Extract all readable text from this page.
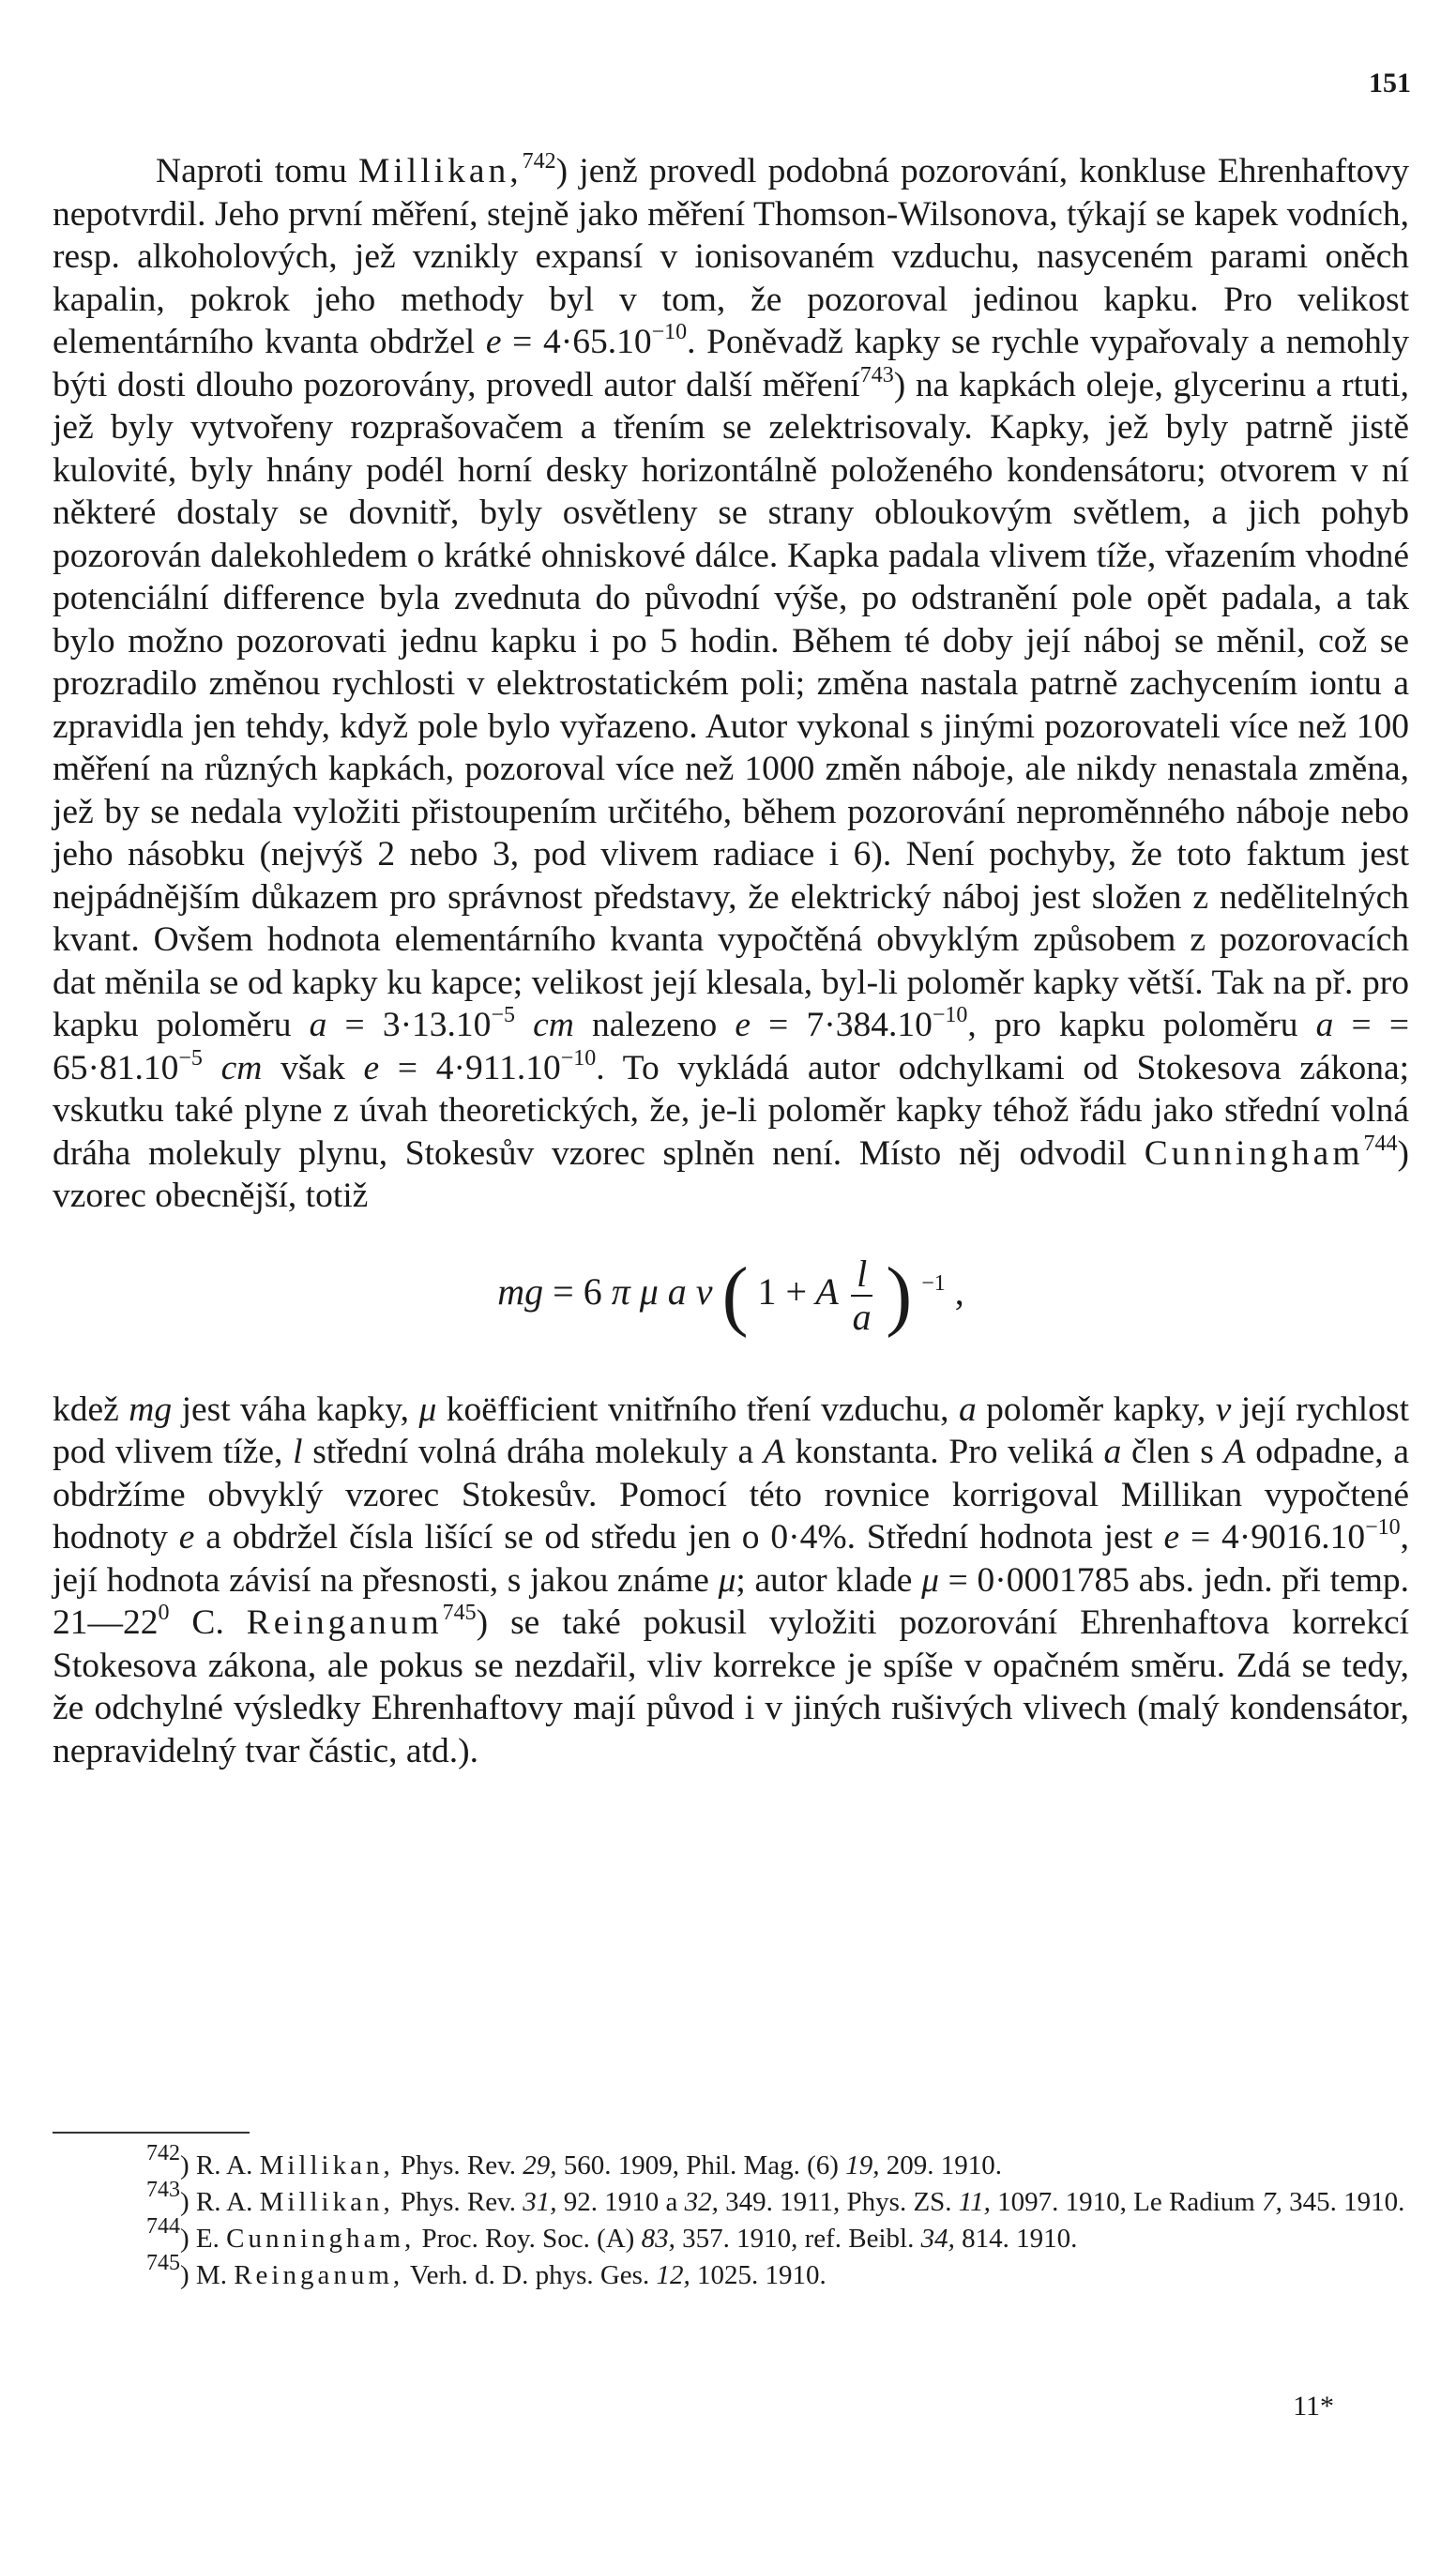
151

Naproti tomu Millikan,$^{742}$) jenž provedl podobná pozorování, konkluse Ehrenhaftovy nepotvrdil. Jeho první měření, stejně jako měření Thomson-Wilsonova, týkají se kapek vodních, resp. alkoholových, jež vznikly expansí v ionisovaném vzduchu, nasyceném parami oněch kapalin, pokrok jeho methody byl v tom, že pozoroval jedinou kapku. Pro velikost elementárního kvanta obdržel $e = 4\cdot 65.10^{-10}$. Poněvadž kapky se rychle vypařovaly a nemohly býti dosti dlouho pozorovány, provedl autor další měření$^{743}$) na kapkách oleje, glycerinu a rtuti, jež byly vytvořeny rozprašovačem a třením se zelektrisovaly. Kapky, jež byly patrně jistě kulovité, byly hnány podél horní desky horizontálně položeného kondensátoru; otvorem v ní některé dostaly se dovnitř, byly osvětleny se strany obloukovým světlem, a jich pohyb pozorován dalekohledem o krátké ohniskové dálce. Kapka padala vlivem tíže, vřazením vhodné potenciální difference byla zvednuta do původní výše, po odstranění pole opět padala, a tak bylo možno pozorovati jednu kapku i po 5 hodin. Během té doby její náboj se měnil, což se prozradilo změnou rychlosti v elektrostatickém poli; změna nastala patrně zachycením iontu a zpravidla jen tehdy, když pole bylo vyřazeno. Autor vykonal s jinými pozorovateli více než 100 měření na různých kapkách, pozoroval více než 1000 změn náboje, ale nikdy nenastala změna, jež by se nedala vyložiti přistoupením určitého, během pozorování neproměnného náboje nebo jeho násobku (nejvýš 2 nebo 3, pod vlivem radiace i 6). Není pochyby, že toto faktum jest nejpádnějším důkazem pro správnost představy, že elektrický náboj jest složen z nedělitelných kvant. Ovšem hodnota elementárního kvanta vypočtěná obvyklým způsobem z pozorovacích dat měnila se od kapky ku kapce; velikost její klesala, byl-li poloměr kapky větší. Tak na př. pro kapku poloměru $a = 3\cdot 13.10^{-5}$ cm nalezeno $e = 7\cdot 384.10^{-10}$, pro kapku poloměru a = = $65\cdot 81.10^{-5}$ cm však $e = 4\cdot 911.10^{-10}$. To vykládá autor odchylkami od Stokesova zákona; vskutku také plyne z úvah theoretických, že, je-li poloměr kapky téhož řádu jako střední volná dráha molekuly plynu, Stokesův vzorec splněn není. Místo něj odvodil Cunningham$^{744}$) vzorec obecnější, totiž

mg = 6 π μ a v ( 1 + A $\frac{l}{a}$ ) $^{-1}$ ,

kdež mg jest váha kapky, μ koëfficient vnitřního tření vzduchu, a poloměr kapky, v její rychlost pod vlivem tíže, l střední volná dráha molekuly a A konstanta. Pro veliká a člen s A odpadne, a obdržíme obvyklý vzorec Stokesův. Pomocí této rovnice korrigoval Millikan vypočtené hodnoty e a obdržel čísla lišící se od středu jen o 0·4%. Střední hodnota jest $e = 4\cdot 9016.10^{-10}$, její hodnota závisí na přesnosti, s jakou známe μ; autor klade μ = 0·0001785 abs. jedn. při temp. $21—22^0$ C. Reinganum$^{745}$) se také pokusil vyložiti pozorování Ehrenhaftova korrekcí Stokesova zákona, ale pokus se nezdařil, vliv korrekce je spíše v opačném směru. Zdá se tedy, že odchylné výsledky Ehrenhaftovy mají původ i v jiných rušivých vlivech (malý kondensátor, nepravidelný tvar částic, atd.).

$^{742}$) R. A. Millikan, Phys. Rev. 29, 560. 1909, Phil. Mag. (6) 19, 209. 1910.

$^{743}$) R. A. Millikan, Phys. Rev. 31, 92. 1910 a 32, 349. 1911, Phys. ZS. 11, 1097. 1910, Le Radium 7, 345. 1910.

$^{744}$) E. Cunningham, Proc. Roy. Soc. (A) 83, 357. 1910, ref. Beibl. 34, 814. 1910.

$^{745}$) M. Reinganum, Verh. d. D. phys. Ges. 12, 1025. 1910.

11*
